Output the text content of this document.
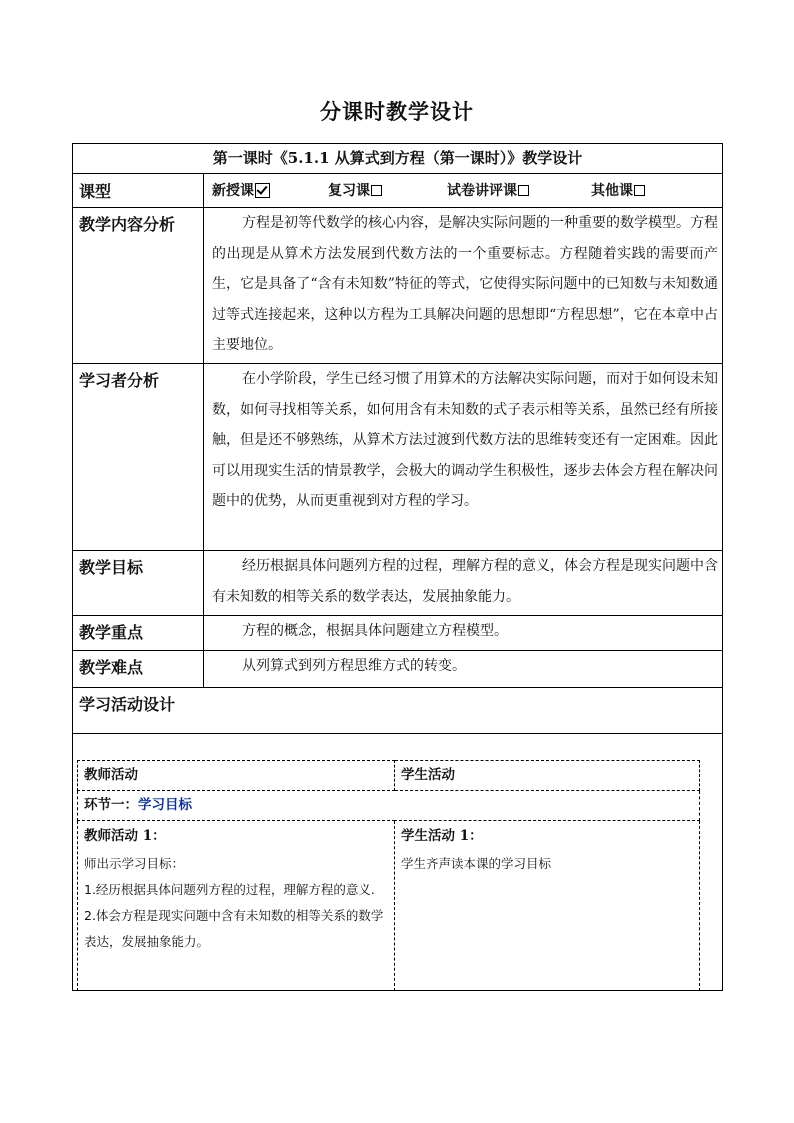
分课时教学设计
第一课时《5.1.1 从算式到方程（第一课时）》教学设计
课型	新授课	复习课	试卷讲评课	其他课

教学内容分析	方程是初等代数学的核心内容，是解决实际问题的一种重要的数学模型。方程的出现是从算术方法发展到代数方法的一个重要标志。方程随着实践的需要而产生，它是具备了“含有未知数”特征的等式，它使得实际问题中的已知数与未知数通过等式连接起来，这种以方程为工具解决问题的思想即“方程思想”，它在本章中占主要地位。

学习者分析	在小学阶段，学生已经习惯了用算术的方法解决实际问题，而对于如何设未知数，如何寻找相等关系，如何用含有未知数的式子表示相等关系，虽然已经有所接触，但是还不够熟练，从算术方法过渡到代数方法的思维转变还有一定困难。因此可以用现实生活的情景教学，会极大的调动学生积极性，逐步去体会方程在解决问题中的优势，从而更重视到对方程的学习。

教学目标	经历根据具体问题列方程的过程，理解方程的意义，体会方程是现实问题中含有未知数的相等关系的数学表达，发展抽象能力。

教学重点	方程的概念，根据具体问题建立方程模型。

教学难点	从列算式到列方程思维方式的转变。

学习活动设计

教师活动	学生活动
环节一：学习目标

教师活动 1：
师出示学习目标：
1.经历根据具体问题列方程的过程，理解方程的意义.
2.体会方程是现实问题中含有未知数的相等关系的数学表达，发展抽象能力。

学生活动 1：
学生齐声读本课的学习目标
